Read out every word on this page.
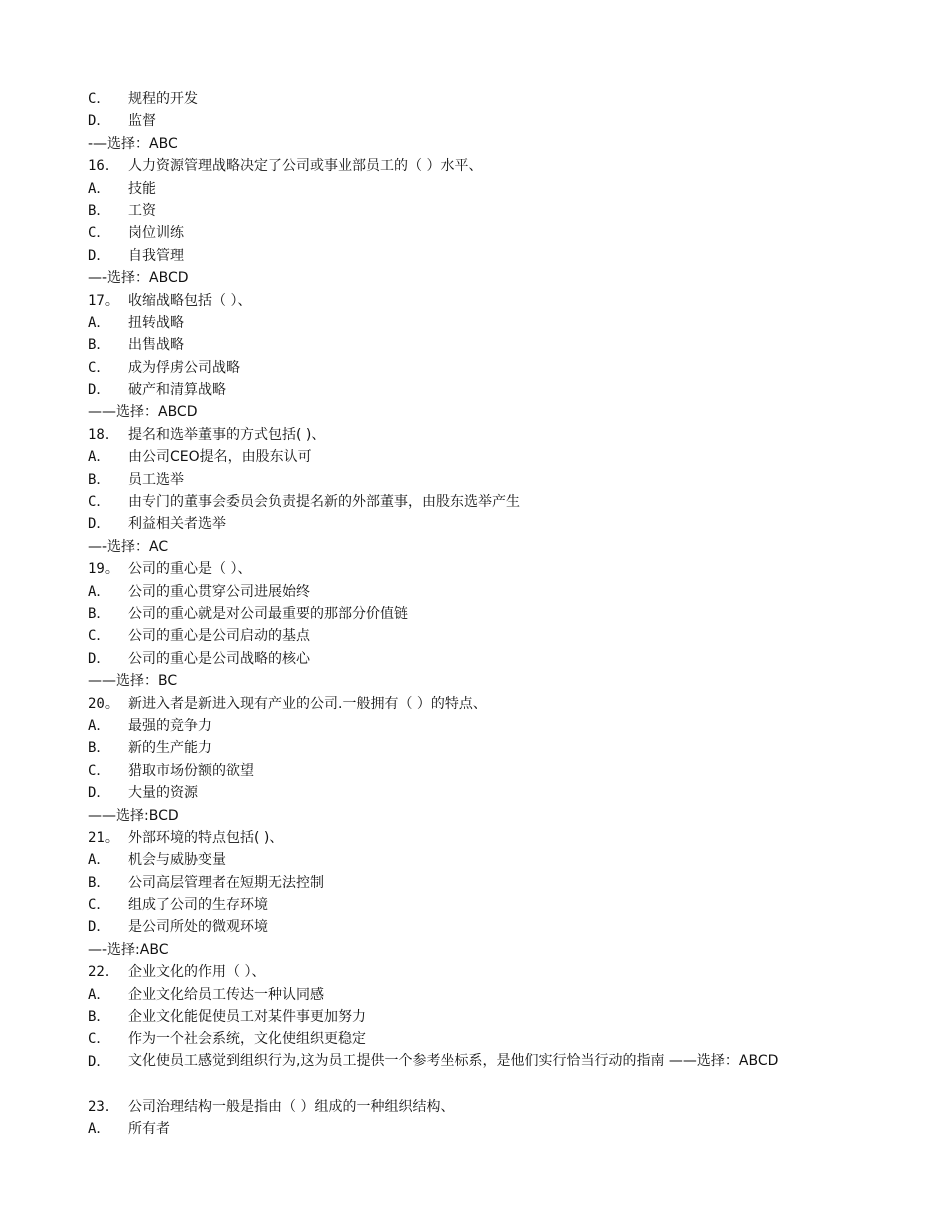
C． 规程的开发
D． 监督
-—选择：ABC
16． 人力资源管理战略决定了公司或事业部员工的（ ）水平、
A． 技能
B． 工资
C． 岗位训练
D． 自我管理
—-选择：ABCD
17。 收缩战略包括（ ）、
A． 扭转战略
B． 出售战略
C． 成为俘虏公司战略
D． 破产和清算战略
——选择：ABCD
18． 提名和选举董事的方式包括( )、
A． 由公司CEO提名，由股东认可
B． 员工选举
C． 由专门的董事会委员会负责提名新的外部董事，由股东选举产生
D． 利益相关者选举
—-选择：AC
19。 公司的重心是（ ）、
A． 公司的重心贯穿公司进展始终
B． 公司的重心就是对公司最重要的那部分价值链
C． 公司的重心是公司启动的基点
D． 公司的重心是公司战略的核心
——选择：BC
20。 新进入者是新进入现有产业的公司.一般拥有（ ）的特点、
A． 最强的竞争力
B． 新的生产能力
C． 猎取市场份额的欲望
D． 大量的资源
——选择:BCD
21。 外部环境的特点包括( )、
A． 机会与威胁变量
B． 公司高层管理者在短期无法控制
C． 组成了公司的生存环境
D． 是公司所处的微观环境
—-选择:ABC
22． 企业文化的作用（ ）、
A． 企业文化给员工传达一种认同感
B． 企业文化能促使员工对某件事更加努力
C． 作为一个社会系统，文化使组织更稳定
D． 文化使员工感觉到组织行为,这为员工提供一个参考坐标系，是他们实行恰当行动的指南 ——选择：ABCD
23． 公司治理结构一般是指由（ ）组成的一种组织结构、
A． 所有者
